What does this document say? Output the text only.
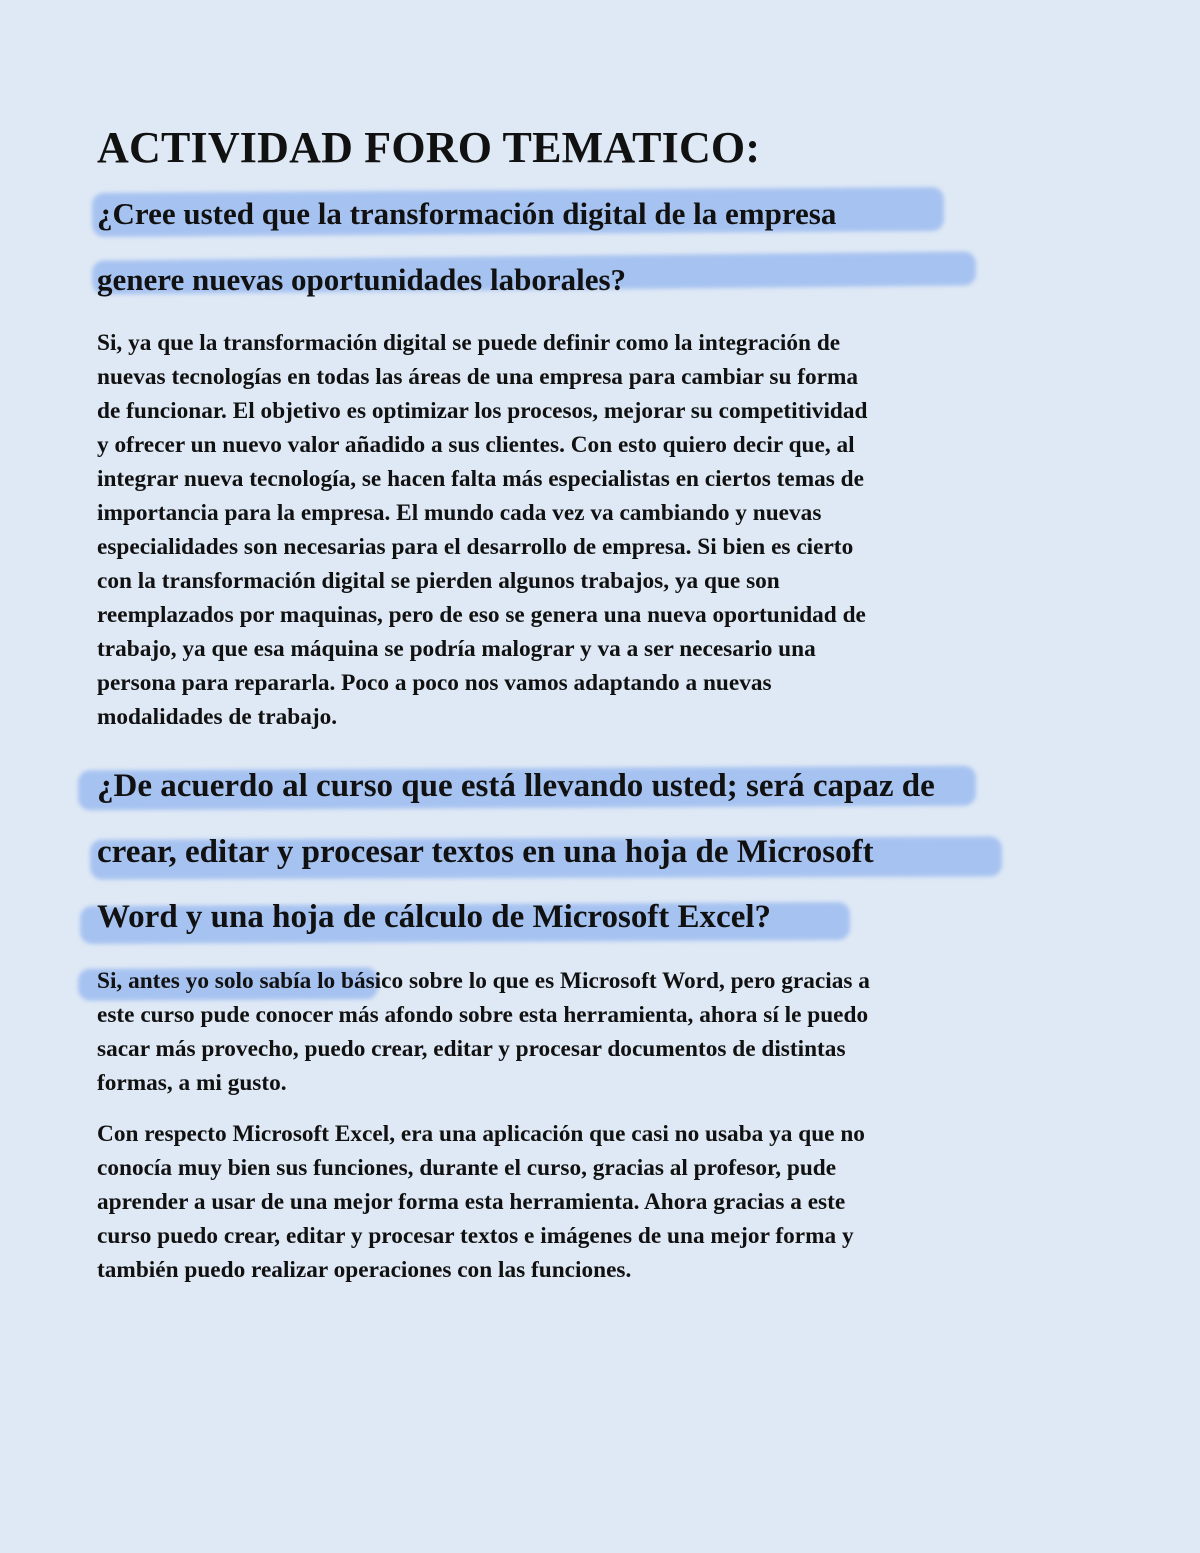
ACTIVIDAD FORO TEMATICO:

¿Cree usted que la transformación digital de la empresa

genere nuevas oportunidades laborales?

Si, ya que la transformación digital se puede definir como la integración de
nuevas tecnologías en todas las áreas de una empresa para cambiar su forma
de funcionar. El objetivo es optimizar los procesos, mejorar su competitividad
y ofrecer un nuevo valor añadido a sus clientes. Con esto quiero decir que, al
integrar nueva tecnología, se hacen falta más especialistas en ciertos temas de
importancia para la empresa. El mundo cada vez va cambiando y nuevas
especialidades son necesarias para el desarrollo de empresa. Si bien es cierto
con la transformación digital se pierden algunos trabajos, ya que son
reemplazados por maquinas, pero de eso se genera una nueva oportunidad de
trabajo, ya que esa máquina se podría malograr y va a ser necesario una
persona para repararla. Poco a poco nos vamos adaptando a nuevas
modalidades de trabajo.

¿De acuerdo al curso que está llevando usted; será capaz de

crear, editar y procesar textos en una hoja de Microsoft

Word y una hoja de cálculo de Microsoft Excel?

Si, antes yo solo sabía lo básico sobre lo que es Microsoft Word, pero gracias a
este curso pude conocer más afondo sobre esta herramienta, ahora sí le puedo
sacar más provecho, puedo crear, editar y procesar documentos de distintas
formas, a mi gusto.
Con respecto Microsoft Excel, era una aplicación que casi no usaba ya que no
conocía muy bien sus funciones, durante el curso, gracias al profesor, pude
aprender a usar de una mejor forma esta herramienta. Ahora gracias a este
curso puedo crear, editar y procesar textos e imágenes de una mejor forma y
también puedo realizar operaciones con las funciones.
